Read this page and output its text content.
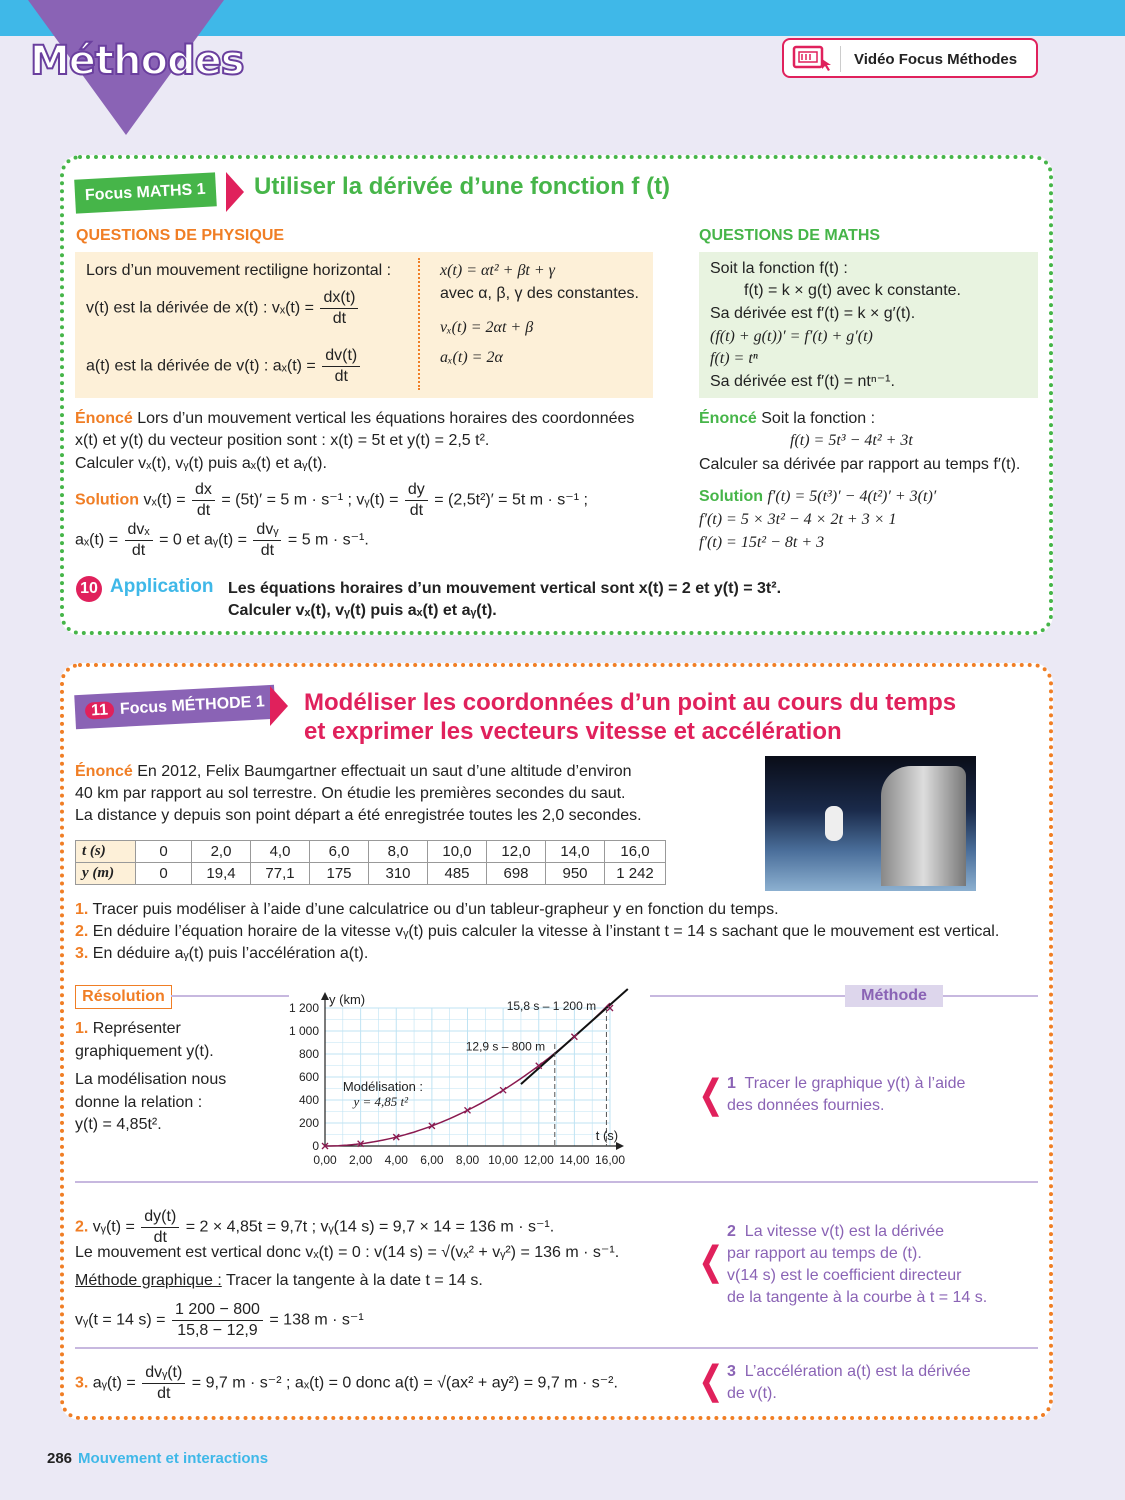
Méthodes	Vidéo Focus Méthodes
Focus MATHS 1	Utiliser la dérivée d’une fonction f (t)
QUESTIONS DE PHYSIQUE	QUESTIONS DE MATHS
Lors d’un mouvement rectiligne horizontal :
v(t) est la dérivée de x(t) : $v_x(t) = \frac{dx(t)}{dt}$
a(t) est la dérivée de v(t) : $a_x(t) = \frac{dv(t)}{dt}$
x(t) = αt² + βt + γ
avec α, β, γ des constantes.
vₓ(t) = 2αt + β
aₓ(t) = 2α
Soit la fonction f(t) :
f(t) = k × g(t) avec k constante.
Sa dérivée est f′(t) = k × g′(t).
(f(t) + g(t))′ = f′(t) + g′(t)
f(t) = tⁿ
Sa dérivée est f′(t) = ntⁿ⁻¹.
Énoncé Lors d’un mouvement vertical les équations horaires des coordonnées
x(t) et y(t) du vecteur position sont : x(t) = 5t et y(t) = 2,5 t².
Calculer vₓ(t), vᵧ(t) puis aₓ(t) et aᵧ(t).
Solution $v_x(t) = \frac{dx}{dt} = (5t)' = 5$ m · s⁻¹ ; vᵧ(t) = $\frac{dy}{dt} = (2,5t^2)' = 5t$ m · s⁻¹ ;
$a_x(t) = \frac{\text{dvₓ}}{dt} = 0$ et aᵧ(t) = $\frac{\text{dvᵧ}}{dt} = 5$ m · s⁻¹.
Énoncé Soit la fonction :
f(t) = 5t³ − 4t² + 3t
Calculer sa dérivée par rapport au temps f′(t).
Solution f′(t) = 5(t³)′ − 4(t²)′ + 3(t)′
f′(t) = 5 × 3t² − 4 × 2t + 3 × 1
f′(t) = 15t² − 8t + 3
10 Application Les équations horaires d’un mouvement vertical sont x(t) = 2 et y(t) = 3t².
Calculer vₓ(t), vᵧ(t) puis aₓ(t) et aᵧ(t).
11 Focus MÉTHODE 1	Modéliser les coordonnées d’un point au cours du temps
et exprimer les vecteurs vitesse et accélération
Énoncé En 2012, Felix Baumgartner effectuait un saut d’une altitude d’environ
40 km par rapport au sol terrestre. On étudie les premières secondes du saut.
La distance y depuis son point départ a été enregistrée toutes les 2,0 secondes.
t (s)	0	2,0	4,0	6,0	8,0	10,0	12,0	14,0	16,0
y (m)	0	19,4	77,1	175	310	485	698	950	1 242
1. Tracer puis modéliser à l’aide d’une calculatrice ou d’un tableur-grapheur y en fonction du temps.
2. En déduire l’équation horaire de la vitesse vᵧ(t) puis calculer la vitesse à l’instant t = 14 s sachant que le mouvement est vertical.
3. En déduire aᵧ(t) puis l’accélération a(t).
Résolution	Méthode
1. Représenter
graphiquement y(t).
La modélisation nous
donne la relation :
y(t) = 4,85t².
0,00 2,00 4,00 6,00 8,00 10,00 12,00 14,00 16,00
0
200
400
600
800
1 000
1 200
y (km)
t (s)
Modélisation :
y = 4,85 t²
12,9 s – 800 m
15,8 s – 1 200 m
❬ 1 Tracer le graphique y(t) à l’aide
des données fournies.
2. vᵧ(t) = $\frac{dy(t)}{dt} = 2 \times 4,85t = 9,7t$ ; vᵧ(14 s) = 9,7 × 14 = 136 m · s⁻¹.
Le mouvement est vertical donc vₓ(t) = 0 : v(14 s) = √(vₓ² + vᵧ²) = 136 m · s⁻¹.
Méthode graphique : Tracer la tangente à la date t = 14 s.
vᵧ(t = 14 $s) = \frac{1 200 - 800}{15,8 - 12,9} = 138$ m · s⁻¹
❬
2 La vitesse v(t) est la dérivée
par rapport au temps de (t).
v(14 s) est le coefficient directeur
de la tangente à la courbe à t = 14 s.
3. aᵧ(t) = $\frac{\text{dvᵧ(t)}}{dt} = 9,7$ m · s⁻² ; aₓ(t) = 0 donc a(t) = √(ax² + ay²) = 9,7 m · s⁻². ❬ 3 L’accélération a(t) est la dérivée
de v(t).
286 Mouvement et interactions
